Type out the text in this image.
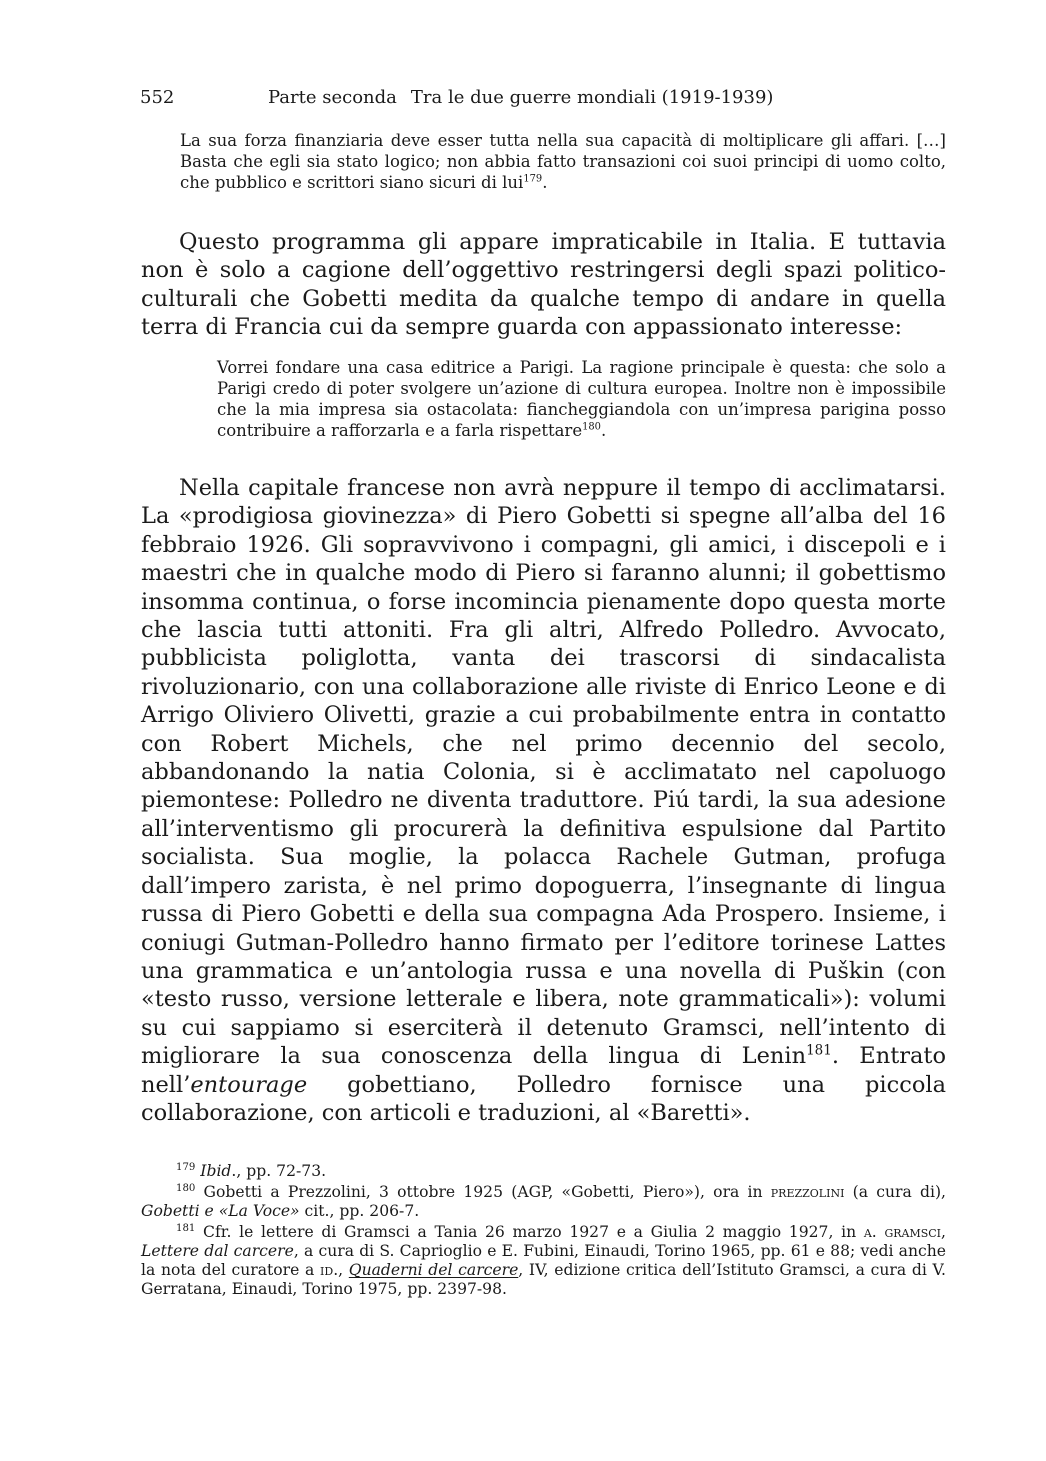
552	Parte seconda Tra le due guerre mondiali (1919-1939)

La sua forza finanziaria deve esser tutta nella sua capacità di moltiplicare gli affari. […] Basta che egli sia stato logico; non abbia fatto transazioni coi suoi principi di uomo colto, che pubblico e scrittori siano sicuri di lui$^{179}$.

Questo programma gli appare impraticabile in Italia. E tuttavia non è solo a cagione dell’oggettivo restringersi degli spazi politico-culturali che Gobetti medita da qualche tempo di andare in quella terra di Francia cui da sempre guarda con appassionato interesse:

Vorrei fondare una casa editrice a Parigi. La ragione principale è questa: che solo a Parigi credo di poter svolgere un’azione di cultura europea. Inoltre non è impossibile che la mia impresa sia ostacolata: fiancheggiandola con un’impresa parigina posso contribuire a rafforzarla e a farla rispettare$^{180}$.

Nella capitale francese non avrà neppure il tempo di acclimatarsi. La «prodigiosa giovinezza» di Piero Gobetti si spegne all’alba del 16 febbraio 1926. Gli sopravvivono i compagni, gli amici, i discepoli e i maestri che in qualche modo di Piero si faranno alunni; il gobettismo insomma continua, o forse incomincia pienamente dopo questa morte che lascia tutti attoniti. Fra gli altri, Alfredo Polledro. Avvocato, pubblicista poliglotta, vanta dei trascorsi di sindacalista rivoluzionario, con una collaborazione alle riviste di Enrico Leone e di Arrigo Oliviero Olivetti, grazie a cui probabilmente entra in contatto con Robert Michels, che nel primo decennio del secolo, abbandonando la natia Colonia, si è acclimatato nel capoluogo piemontese: Polledro ne diventa traduttore. Piú tardi, la sua adesione all’interventismo gli procurerà la definitiva espulsione dal Partito socialista. Sua moglie, la polacca Rachele Gutman, profuga dall’impero zarista, è nel primo dopoguerra, l’insegnante di lingua russa di Piero Gobetti e della sua compagna Ada Prospero. Insieme, i coniugi Gutman-Polledro hanno firmato per l’editore torinese Lattes una grammatica e un’antologia russa e una novella di Puškin (con «testo russo, versione letterale e libera, note grammaticali»): volumi su cui sappiamo si eserciterà il detenuto Gramsci, nell’intento di migliorare la sua conoscenza della lingua di Lenin$^{181}$. Entrato nell’entourage gobettiano, Polledro fornisce una piccola collaborazione, con articoli e traduzioni, al «Baretti».

$^{179}$ Ibid., pp. 72-73.

$^{180}$ Gobetti a Prezzolini, 3 ottobre 1925 (AGP, «Gobetti, Piero»), ora in prezzolini (a cura di), Gobetti e «La Voce» cit., pp. 206-7.

$^{181}$ Cfr. le lettere di Gramsci a Tania 26 marzo 1927 e a Giulia 2 maggio 1927, in a. gramsci, Lettere dal carcere, a cura di S. Caprioglio e E. Fubini, Einaudi, Torino 1965, pp. 61 e 88; vedi anche la nota del curatore a id., Quaderni del carcere, IV, edizione critica dell’Istituto Gramsci, a cura di V. Gerratana, Einaudi, Torino 1975, pp. 2397-98.
